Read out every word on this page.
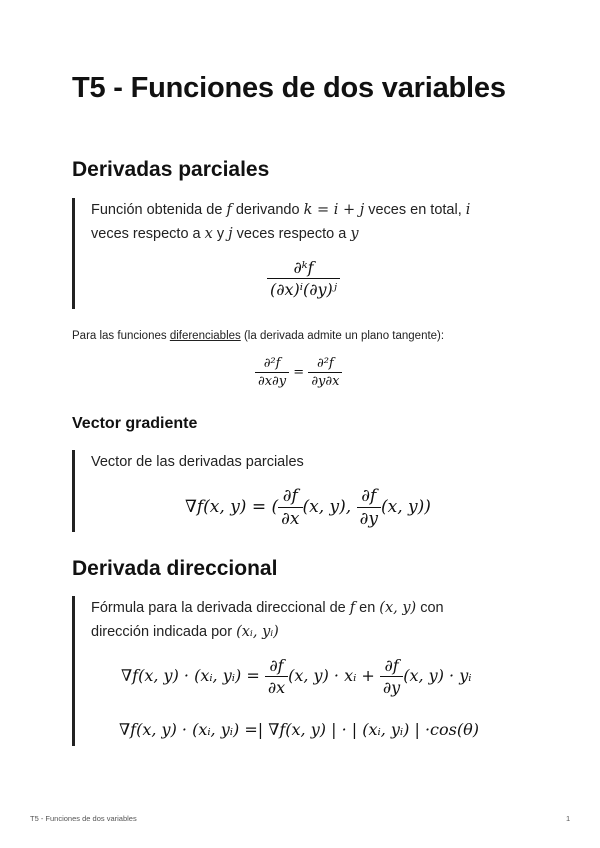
T5 - Funciones de dos variables
Derivadas parciales
Función obtenida de f derivando k = i + j veces en total, i
veces respecto a x y j veces respecto a y
$\frac{\text{∂ᵏf}}{\text{(∂x)ⁱ(∂y)ʲ}}$
Para las funciones diferenciables (la derivada admite un plano tangente):
$\frac{\text{∂²f}}{\partial x\partial y} = \frac{\text{∂²f}}{\partial y\partial x}$
Vector gradiente
Vector de las derivadas parciales
∇f(x, y) = ( $\frac{\partial f}{\partial x} (x$, y), $\frac{\partial f}{\partial y} (x$, y))
Derivada direccional
Fórmula para la derivada direccional de f en (x, y) con
dirección indicada por (xᵢ, yᵢ)
∇f(x, y) · (xᵢ, yᵢ) = $\frac{\partial f}{\partial x} (x$, y) · xᵢ + $\frac{\partial f}{\partial y} (x$, y) · yᵢ
∇f(x, y) · (xᵢ, yᵢ) =| ∇f(x, y) | · | (xᵢ, yᵢ) | ·cos(θ)
T5 - Funciones de dos variables	1
